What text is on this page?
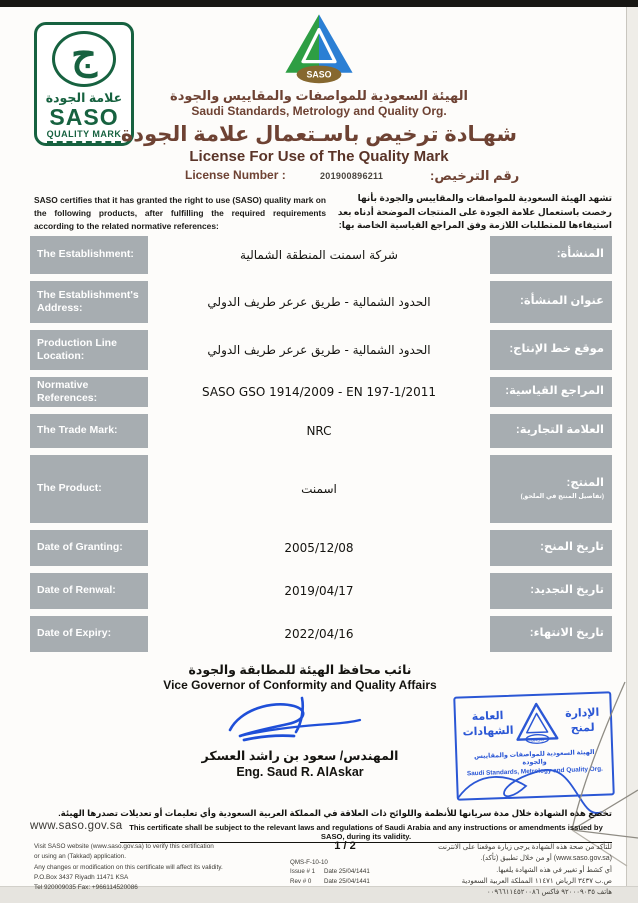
ج
علامة الجودة
SASO
QUALITY MARK
SASO
الهيئة السعودية للمواصفات والمقاييس والجودة
Saudi Standards, Metrology and Quality Org.
شهـادة ترخيص باسـتعمال علامة الجودة
License For Use of The Quality Mark
License Number :	201900896211	رقم الترخيص:
SASO certifies that it has granted the right to use (SASO) quality mark on the following products, after fulfilling the required requirements according to the related normative references:
تشهد الهيئة السعودية للمواصفات والمقاييس والجودة بأنها رخصت باستعمال علامة الجودة على المنتجات الموضحة أدناه بعد استيفاءها للمتطلبات اللازمة وفق المراجع القياسية الخاصة بها:
The Establishment:	شركة اسمنت المنطقة الشمالية	المنشأة:
The Establishment's Address:	الحدود الشمالية - طريق عرعر طريف الدولي	عنوان المنشأة:
Production Line Location:	الحدود الشمالية - طريق عرعر طريف الدولي	موقع خط الإنتاج:
Normative References:	SASO GSO 1914/2009 - EN 197-1/2011	المراجع القياسية:
The Trade Mark:	NRC	العلامة التجارية:
The Product:	اسمنت	المنتج:
(تفاصيل المنتج في الملحق)
Date of Granting:	2005/12/08	تاريخ المنح:
Date of Renwal:	2019/04/17	تاريخ التجديد:
Date of Expiry:	2022/04/16	تاريخ الانتهاء:
نائب محافظ الهيئة للمطابقة والجودة
Vice Governor of Conformity and Quality Affairs
المهندس/ سعود بن راشد العسكر
Eng. Saud R. AlAskar
الإدارة لمنح
SASO
العامة الشهادات
الهيئة السعودية للمواصفات والمقاييس والجودة
Saudi Standards, Metrology and Quality Org.
تخضع هذه الشهادة خلال مدة سريانها للأنظمة واللوائح ذات العلاقة في المملكة العربية السعودية وأي تعليمات أو تعديلات تصدرها الهيئة.
www.saso.gov.sa This certificate shall be subject to the relevant laws and regulations of Saudi Arabia and any instructions or amendments issued by SASO, during its validity.
Visit SASO website (www.saso.gov.sa) to verify this certification
or using an (Takkad) application.
Any changes or modification on this certificate will affect its validity.
P.O.Box 3437 Riyadh 11471 KSA
Tel 920009035 Fax: +966114520086
1 / 2
QMS-F-10-10
Issue # 1	Date 25/04/1441
Rev # 0	Date 25/04/1441
للتأكد من صحة هذه الشهادة يرجى زيارة موقعنا على الانترنت
(www.saso.gov.sa) أو من خلال تطبيق (تأكد).
أي كشط أو تغيير في هذه الشهادة يلغيها.
ص.ب ٣٤٣٧ الرياض ١١٤٧١ المملكة العربية السعودية
هاتف ٩٢٠٠٠٩٠٣٥ فاكس ٠٠٩٦٦١١٤٥٢٠٠٨٦
